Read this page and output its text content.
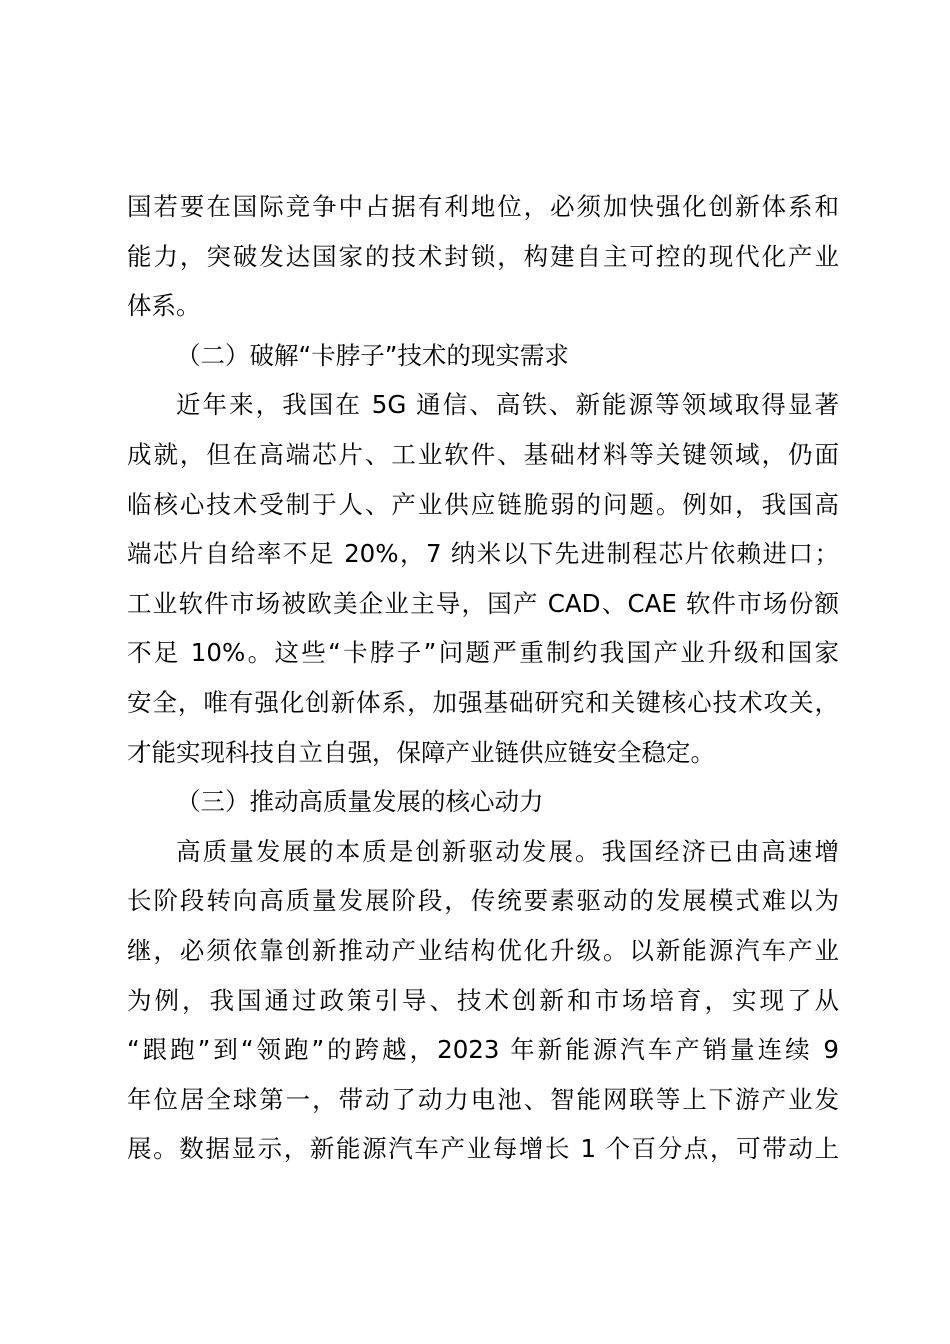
国若要在国际竞争中占据有利地位，必须加快强化创新体系和
能力，突破发达国家的技术封锁，构建自主可控的现代化产业
体系。
（二）破解“卡脖子”技术的现实需求
近年来，我国在 5G 通信、高铁、新能源等领域取得显著
成就，但在高端芯片、工业软件、基础材料等关键领域，仍面
临核心技术受制于人、产业供应链脆弱的问题。例如，我国高
端芯片自给率不足 20%，7 纳米以下先进制程芯片依赖进口；
工业软件市场被欧美企业主导，国产 CAD、CAE 软件市场份额
不足 10%。这些“卡脖子”问题严重制约我国产业升级和国家
安全，唯有强化创新体系，加强基础研究和关键核心技术攻关，
才能实现科技自立自强，保障产业链供应链安全稳定。
（三）推动高质量发展的核心动力
高质量发展的本质是创新驱动发展。我国经济已由高速增
长阶段转向高质量发展阶段，传统要素驱动的发展模式难以为
继，必须依靠创新推动产业结构优化升级。以新能源汽车产业
为例，我国通过政策引导、技术创新和市场培育，实现了从
“跟跑”到“领跑”的跨越，2023 年新能源汽车产销量连续 9
年位居全球第一，带动了动力电池、智能网联等上下游产业发
展。数据显示，新能源汽车产业每增长 1 个百分点，可带动上
